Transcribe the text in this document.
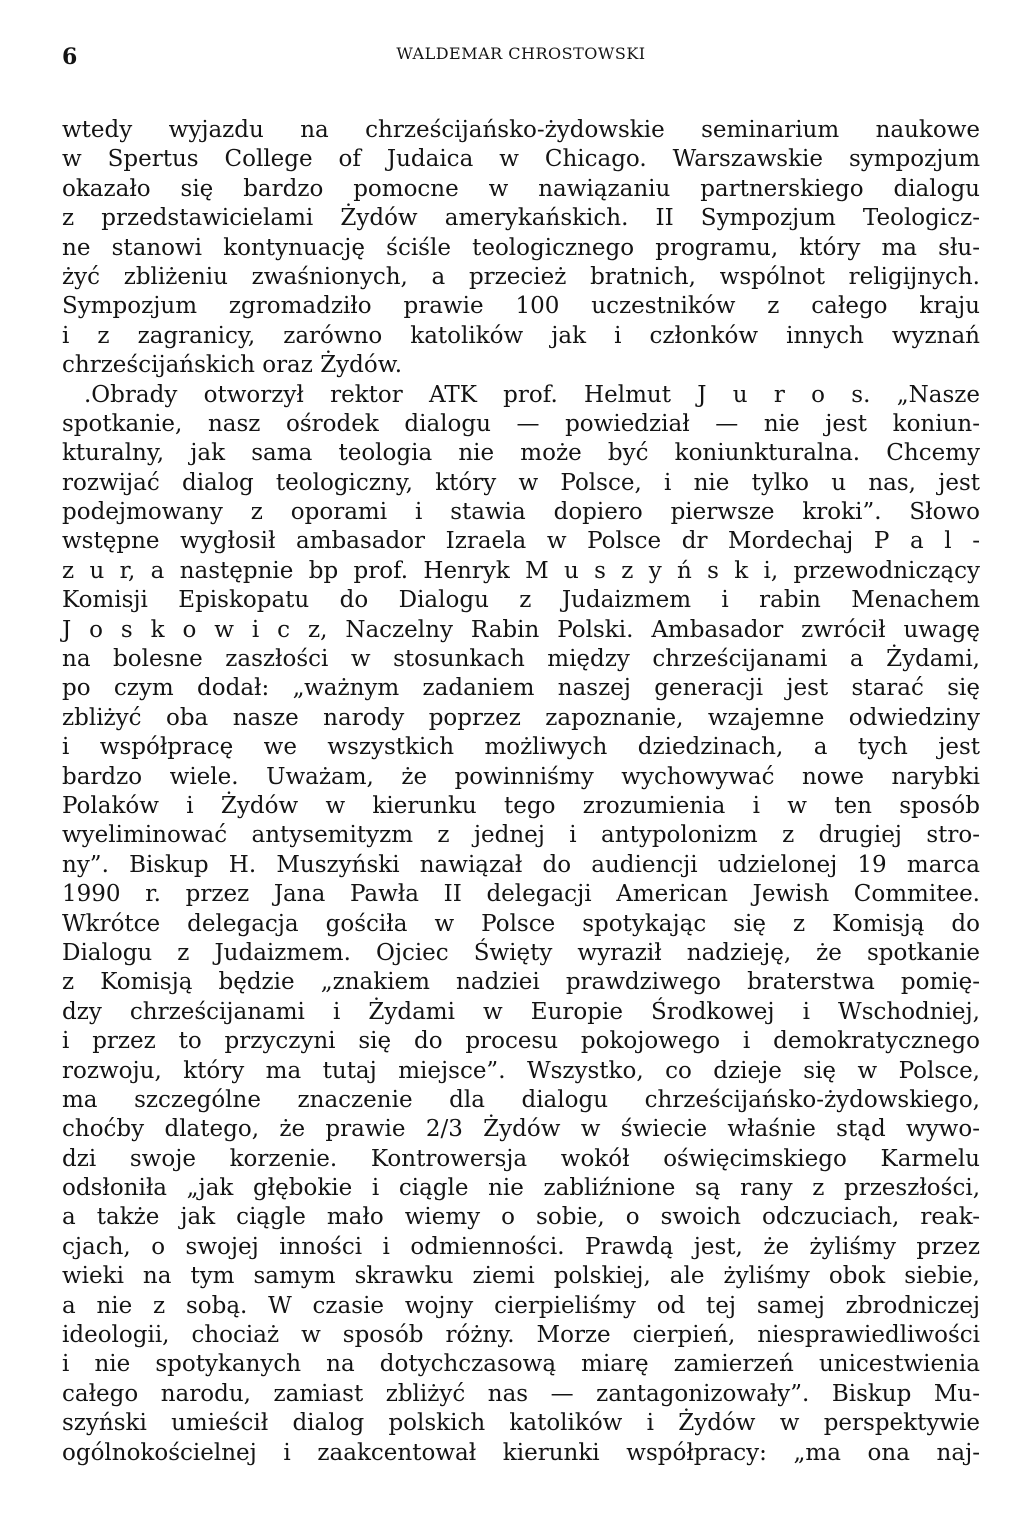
6	WALDEMAR CHROSTOWSKI
wtedy wyjazdu na chrześcijańsko-żydowskie seminarium naukowe
w Spertus College of Judaica w Chicago. Warszawskie sympozjum
okazało się bardzo pomocne w nawiązaniu partnerskiego dialogu
z przedstawicielami Żydów amerykańskich. II Sympozjum Teologicz-
ne stanowi kontynuację ściśle teologicznego programu, który ma słu-
żyć zbliżeniu zwaśnionych, a przecież bratnich, wspólnot religijnych.
Sympozjum zgromadziło prawie 100 uczestników z całego kraju
i z zagranicy, zarówno katolików jak i członków innych wyznań
chrześcijańskich oraz Żydów.
.Obrady otworzył rektor ATK prof. Helmut J u r o s. „Nasze
spotkanie, nasz ośrodek dialogu — powiedział — nie jest koniun-
kturalny, jak sama teologia nie może być koniunkturalna. Chcemy
rozwijać dialog teologiczny, który w Polsce, i nie tylko u nas, jest
podejmowany z oporami i stawia dopiero pierwsze kroki”. Słowo
wstępne wygłosił ambasador Izraela w Polsce dr Mordechaj P a l -
z u r, a następnie bp prof. Henryk M u s z y ń s k i, przewodniczący
Komisji Episkopatu do Dialogu z Judaizmem i rabin Menachem
J o s k o w i c z, Naczelny Rabin Polski. Ambasador zwrócił uwagę
na bolesne zaszłości w stosunkach między chrześcijanami a Żydami,
po czym dodał: „ważnym zadaniem naszej generacji jest starać się
zbliżyć oba nasze narody poprzez zapoznanie, wzajemne odwiedziny
i współpracę we wszystkich możliwych dziedzinach, a tych jest
bardzo wiele. Uważam, że powinniśmy wychowywać nowe narybki
Polaków i Żydów w kierunku tego zrozumienia i w ten sposób
wyeliminować antysemityzm z jednej i antypolonizm z drugiej stro-
ny”. Biskup H. Muszyński nawiązał do audiencji udzielonej 19 marca
1990 r. przez Jana Pawła II delegacji American Jewish Commitee.
Wkrótce delegacja gościła w Polsce spotykając się z Komisją do
Dialogu z Judaizmem. Ojciec Święty wyraził nadzieję, że spotkanie
z Komisją będzie „znakiem nadziei prawdziwego braterstwa pomię-
dzy chrześcijanami i Żydami w Europie Środkowej i Wschodniej,
i przez to przyczyni się do procesu pokojowego i demokratycznego
rozwoju, który ma tutaj miejsce”. Wszystko, co dzieje się w Polsce,
ma szczególne znaczenie dla dialogu chrześcijańsko-żydowskiego,
choćby dlatego, że prawie 2/3 Żydów w świecie właśnie stąd wywo-
dzi swoje korzenie. Kontrowersja wokół oświęcimskiego Karmelu
odsłoniła „jak głębokie i ciągle nie zabliźnione są rany z przeszłości,
a także jak ciągle mało wiemy o sobie, o swoich odczuciach, reak-
cjach, o swojej inności i odmienności. Prawdą jest, że żyliśmy przez
wieki na tym samym skrawku ziemi polskiej, ale żyliśmy obok siebie,
a nie z sobą. W czasie wojny cierpieliśmy od tej samej zbrodniczej
ideologii, chociaż w sposób różny. Morze cierpień, niesprawiedliwości
i nie spotykanych na dotychczasową miarę zamierzeń unicestwienia
całego narodu, zamiast zbliżyć nas — zantagonizowały”. Biskup Mu-
szyński umieścił dialog polskich katolików i Żydów w perspektywie
ogólnokościelnej i zaakcentował kierunki współpracy: „ma ona naj-
